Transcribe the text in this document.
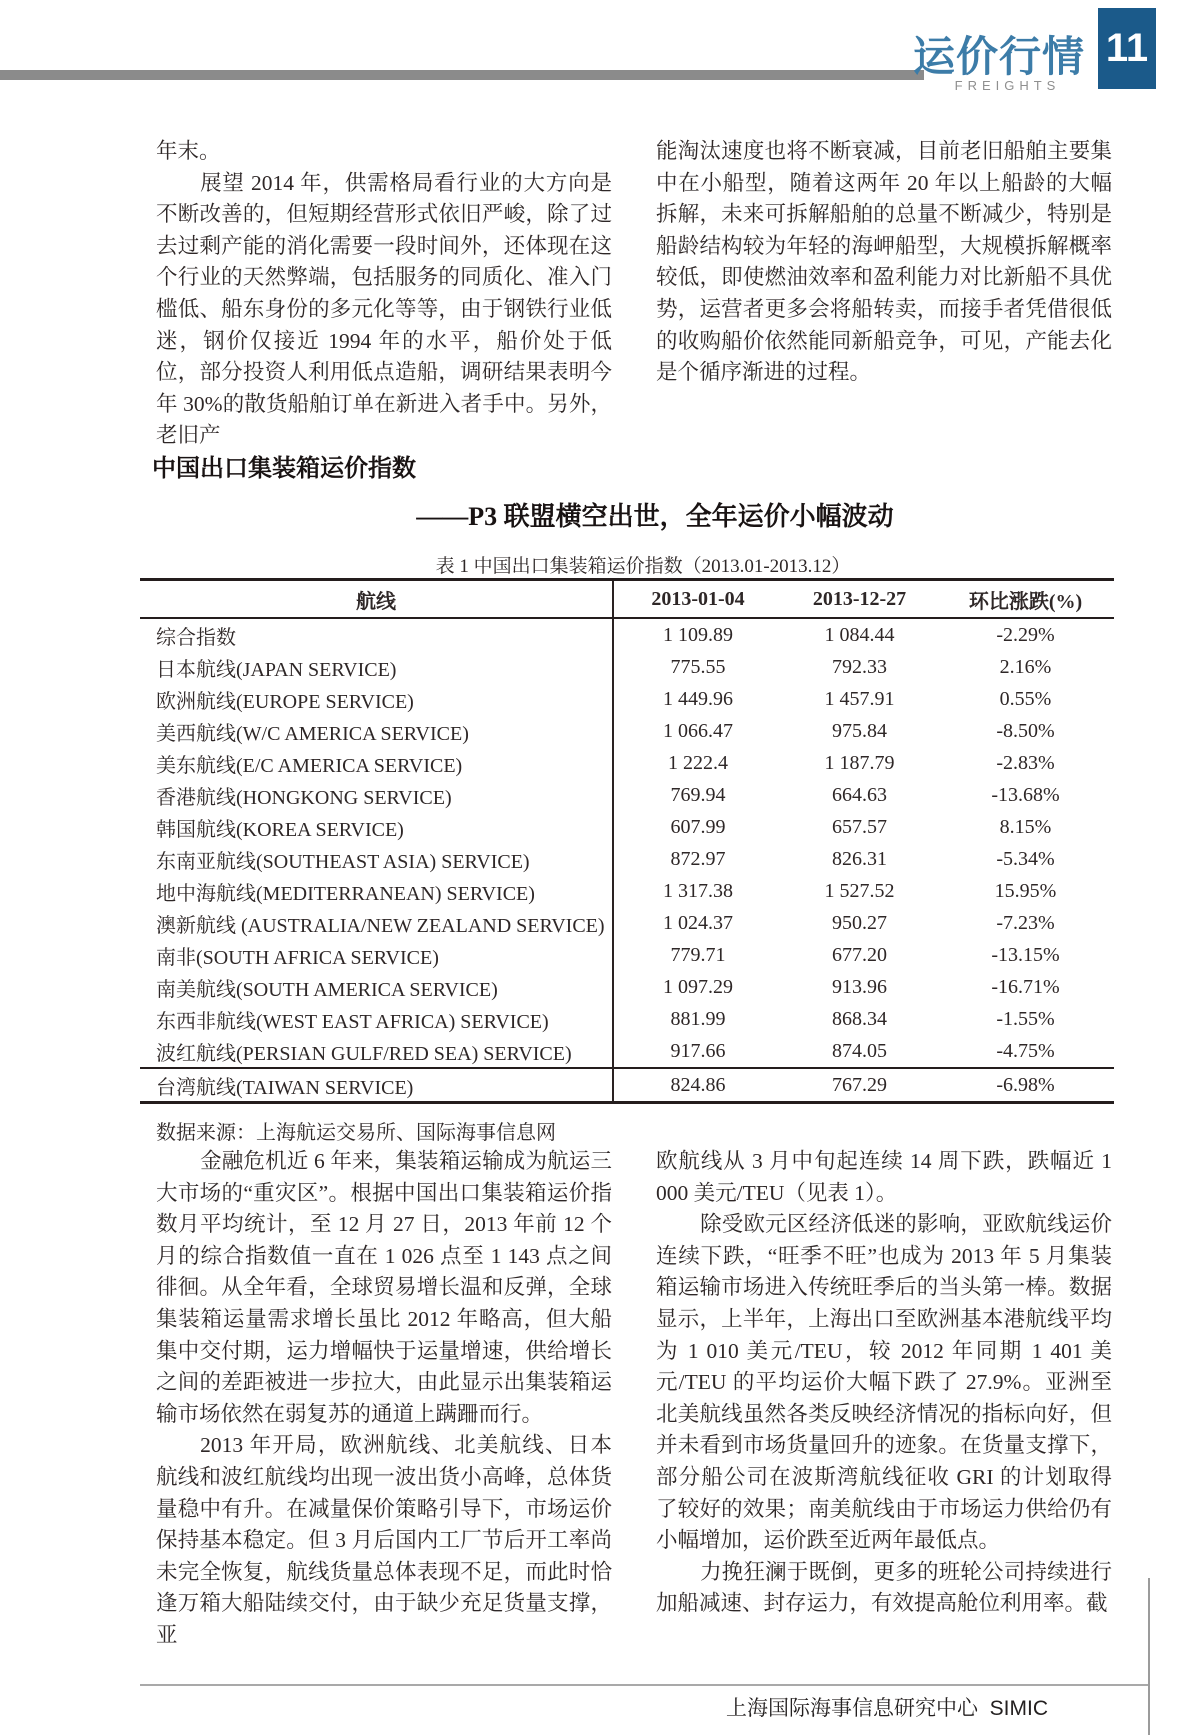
运价行情
FREIGHTS
11

年末。

展望 2014 年，供需格局看行业的大方向是不断改善的，但短期经营形式依旧严峻，除了过去过剩产能的消化需要一段时间外，还体现在这个行业的天然弊端，包括服务的同质化、准入门槛低、船东身份的多元化等等，由于钢铁行业低迷，钢价仅接近 1994 年的水平，船价处于低位，部分投资人利用低点造船，调研结果表明今年 30%的散货船舶订单在新进入者手中。另外，老旧产

能淘汰速度也将不断衰减，目前老旧船舶主要集中在小船型，随着这两年 20 年以上船龄的大幅拆解，未来可拆解船舶的总量不断减少，特别是船龄结构较为年轻的海岬船型，大规模拆解概率较低，即使燃油效率和盈利能力对比新船不具优势，运营者更多会将船转卖，而接手者凭借很低的收购船价依然能同新船竞争，可见，产能去化是个循序渐进的过程。

中国出口集装箱运价指数
——P3 联盟横空出世，全年运价小幅波动
表 1 中国出口集装箱运价指数（2013.01-2013.12）
航线	2013-01-04	2013-12-27	环比涨跌(%)
综合指数	1 109.89	1 084.44	-2.29%
日本航线(JAPAN SERVICE)	775.55	792.33	2.16%
欧洲航线(EUROPE SERVICE)	1 449.96	1 457.91	0.55%
美西航线(W/C AMERICA SERVICE)	1 066.47	975.84	-8.50%
美东航线(E/C AMERICA SERVICE)	1 222.4	1 187.79	-2.83%
香港航线(HONGKONG SERVICE)	769.94	664.63	-13.68%
韩国航线(KOREA SERVICE)	607.99	657.57	8.15%
东南亚航线(SOUTHEAST ASIA) SERVICE)	872.97	826.31	-5.34%
地中海航线(MEDITERRANEAN) SERVICE)	1 317.38	1 527.52	15.95%
澳新航线 (AUSTRALIA/NEW ZEALAND SERVICE)	1 024.37	950.27	-7.23%
南非(SOUTH AFRICA SERVICE)	779.71	677.20	-13.15%
南美航线(SOUTH AMERICA SERVICE)	1 097.29	913.96	-16.71%
东西非航线(WEST EAST AFRICA) SERVICE)	881.99	868.34	-1.55%
波红航线(PERSIAN GULF/RED SEA) SERVICE)	917.66	874.05	-4.75%
台湾航线(TAIWAN SERVICE)	824.86	767.29	-6.98%
数据来源：上海航运交易所、国际海事信息网

金融危机近 6 年来，集装箱运输成为航运三大市场的“重灾区”。根据中国出口集装箱运价指数月平均统计，至 12 月 27 日，2013 年前 12 个月的综合指数值一直在 1 026 点至 1 143 点之间徘徊。从全年看，全球贸易增长温和反弹，全球集装箱运量需求增长虽比 2012 年略高，但大船集中交付期，运力增幅快于运量增速，供给增长之间的差距被进一步拉大，由此显示出集装箱运输市场依然在弱复苏的通道上蹒跚而行。

2013 年开局，欧洲航线、北美航线、日本航线和波红航线均出现一波出货小高峰，总体货量稳中有升。在减量保价策略引导下，市场运价保持基本稳定。但 3 月后国内工厂节后开工率尚未完全恢复，航线货量总体表现不足，而此时恰逢万箱大船陆续交付，由于缺少充足货量支撑，亚

欧航线从 3 月中旬起连续 14 周下跌，跌幅近 1 000 美元/TEU（见表 1）。

除受欧元区经济低迷的影响，亚欧航线运价连续下跌，“旺季不旺”也成为 2013 年 5 月集装箱运输市场进入传统旺季后的当头第一棒。数据显示，上半年，上海出口至欧洲基本港航线平均为 1 010 美元/TEU，较 2012 年同期 1 401 美元/TEU 的平均运价大幅下跌了 27.9%。亚洲至北美航线虽然各类反映经济情况的指标向好，但并未看到市场货量回升的迹象。在货量支撑下，部分船公司在波斯湾航线征收 GRI 的计划取得了较好的效果；南美航线由于市场运力供给仍有小幅增加，运价跌至近两年最低点。

力挽狂澜于既倒，更多的班轮公司持续进行加船减速、封存运力，有效提高舱位利用率。截

上海国际海事信息研究中心  SIMIC
